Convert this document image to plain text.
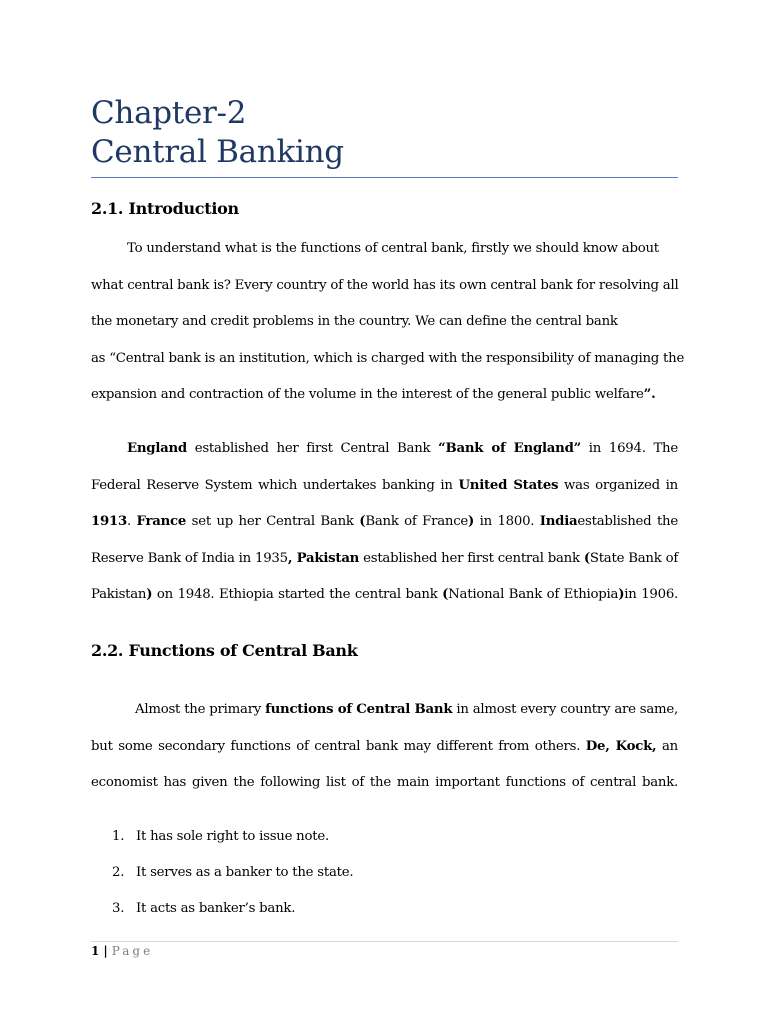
Chapter-2
Central Banking
2.1. Introduction
To understand what is the functions of central bank, firstly we should know about
what central bank is? Every country of the world has its own central bank for resolving all
the monetary and credit problems in the country. We can define the central bank
as “Central bank is an institution, which is charged with the responsibility of managing the
expansion and contraction of the volume in the interest of the general public welfare”.
England established her first Central Bank “Bank of England” in 1694. The Federal Reserve System which undertakes banking in United States was organized in 1913. France set up her Central Bank (Bank of France) in 1800. Indiaestablished the Reserve Bank of India in 1935, Pakistan established her first central bank (State Bank of Pakistan) on 1948. Ethiopia started the central bank (National Bank of Ethiopia)in 1906.
2.2. Functions of Central Bank
Almost the primary functions of Central Bank in almost every country are same, but some secondary functions of central bank may different from others. De, Kock, an economist has given the following list of the main important functions of central bank.
1. It has sole right to issue note.
2. It serves as a banker to the state.
3. It acts as banker’s bank.
1 | Page
